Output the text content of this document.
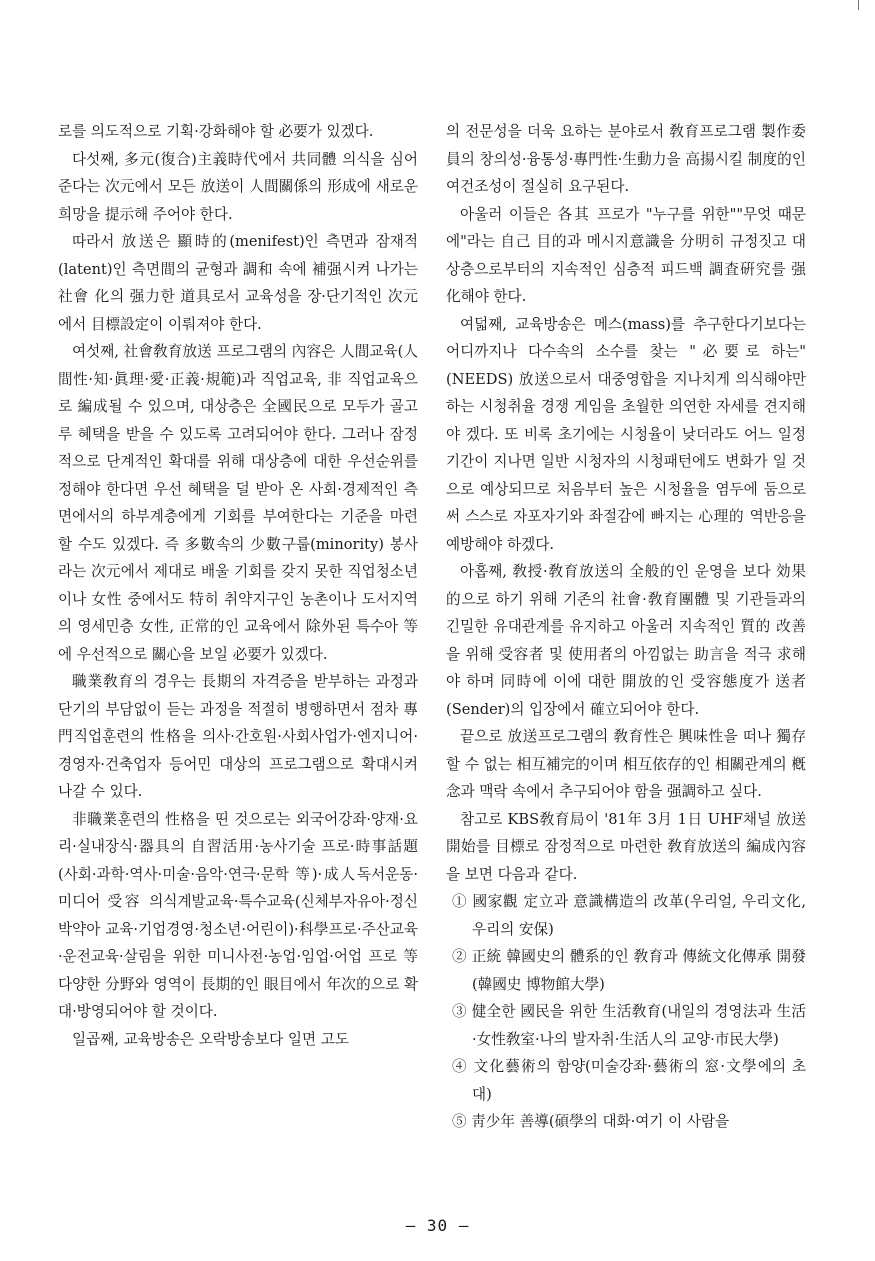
로를 의도적으로 기획·강화해야 할 必要가 있겠다.

다섯째, 多元(復合)主義時代에서 共同體 의식을 심어준다는 次元에서 모든 放送이 人間關係의 形成에 새로운 희망을 提示해 주어야 한다.

따라서 放送은 顯時的(menifest)인 측면과 잠재적(latent)인 측면間의 균형과 調和 속에 補强시켜 나가는 社會 化의 强力한 道具로서 교육성을 장·단기적인 次元에서 目標設定이 이뤄져야 한다.

여섯째, 社會敎育放送 프로그램의 內容은 人間교육(人間性·知·眞理·愛·正義·規範)과 직업교육, 非 직업교육으로 編成될 수 있으며, 대상층은 全國民으로 모두가 골고루 혜택을 받을 수 있도록 고려되어야 한다. 그러나 잠정적으로 단계적인 확대를 위해 대상층에 대한 우선순위를 정해야 한다면 우선 혜택을 덜 받아 온 사회·경제적인 측면에서의 하부계층에게 기회를 부여한다는 기준을 마련할 수도 있겠다. 즉 多數속의 少數구룹(minority) 봉사라는 次元에서 제대로 배울 기회를 갖지 못한 직업청소년이나 女性 중에서도 特히 취약지구인 농촌이나 도서지역의 영세민층 女性, 正常的인 교육에서 除外된 특수아 等에 우선적으로 關心을 보일 必要가 있겠다.

職業敎育의 경우는 長期의 자격증을 받부하는 과정과 단기의 부담없이 듣는 과정을 적절히 병행하면서 점차 專門직업훈련의 性格을 의사·간호원·사회사업가·엔지니어·경영자·건축업자 등어민 대상의 프로그램으로 확대시켜 나갈 수 있다.

非職業훈련의 性格을 띤 것으로는 외국어강좌·양재·요리·실내장식·器具의 自習活用·농사기술 프로·時事話題(사회·과학·역사·미술·음악·연극·문학 等)·成人독서운동·미디어 受容 의식계발교육·특수교육(신체부자유아·정신박약아 교육·기업경영·청소년·어린이)·科學프로·주산교육·운전교육·살림을 위한 미니사전·농업·임업·어업 프로 等 다양한 分野와 영역이 長期的인 眼目에서 年次的으로 확대·방영되어야 할 것이다.

일곱째, 교육방송은 오락방송보다 일면 고도

의 전문성을 더욱 요하는 분야로서 敎育프로그램 製作委員의 창의성·융통성·專門性·生動力을 高揚시킬 制度的인 여건조성이 절실히 요구된다.

아울러 이들은 各其 프로가 "누구를 위한""무엇 때문에"라는 自己 目的과 메시지意識을 分明히 규정짓고 대상층으로부터의 지속적인 심층적 피드백 調査硏究를 强化해야 한다.

여덟째, 교육방송은 메스(mass)를 추구한다기보다는 어디까지나 다수속의 소수를 찾는 "必要로 하는"(NEEDS) 放送으로서 대중영합을 지나치게 의식해야만 하는 시청취율 경쟁 게임을 초월한 의연한 자세를 견지해야 겠다. 또 비록 초기에는 시청율이 낮더라도 어느 일정기간이 지나면 일반 시청자의 시청패턴에도 변화가 일 것으로 예상되므로 처음부터 높은 시청율을 염두에 둠으로써 스스로 자포자기와 좌절감에 빠지는 心理的 역반응을 예방해야 하겠다.

아홉째, 敎授·敎育放送의 全般的인 운영을 보다 効果的으로 하기 위해 기존의 社會·敎育團體 및 기관들과의 긴밀한 유대관계를 유지하고 아울러 지속적인 質的 改善을 위해 受容者 및 使用者의 아낌없는 助言을 적극 求해야 하며 同時에 이에 대한 開放的인 受容態度가 送者(Sender)의 입장에서 確立되어야 한다.

끝으로 放送프로그램의 敎育性은 興味性을 떠나 獨存할 수 없는 相互補完的이며 相互依存的인 相關관계의 槪念과 맥락 속에서 추구되어야 함을 强調하고 싶다.

참고로 KBS敎育局이 '81年 3月 1日 UHF채널 放送開始를 目標로 잠정적으로 마련한 敎育放送의 編成內容을 보면 다음과 같다.

① 國家觀 定立과 意識構造의 改革(우리얼, 우리文化, 우리의 安保)
② 正統 韓國史의 體系的인 敎育과 傳統文化傳承 開發(韓國史 博物館大學)
③ 健全한 國民을 위한 生活敎育(내일의 경영法과 生活·女性敎室·나의 발자취·生活人의 교양·市民大學)
④ 文化藝術의 함양(미술강좌·藝術의 窓·文學에의 초대)
⑤ 靑少年 善導(碩學의 대화·여기 이 사람을
— 30 —
